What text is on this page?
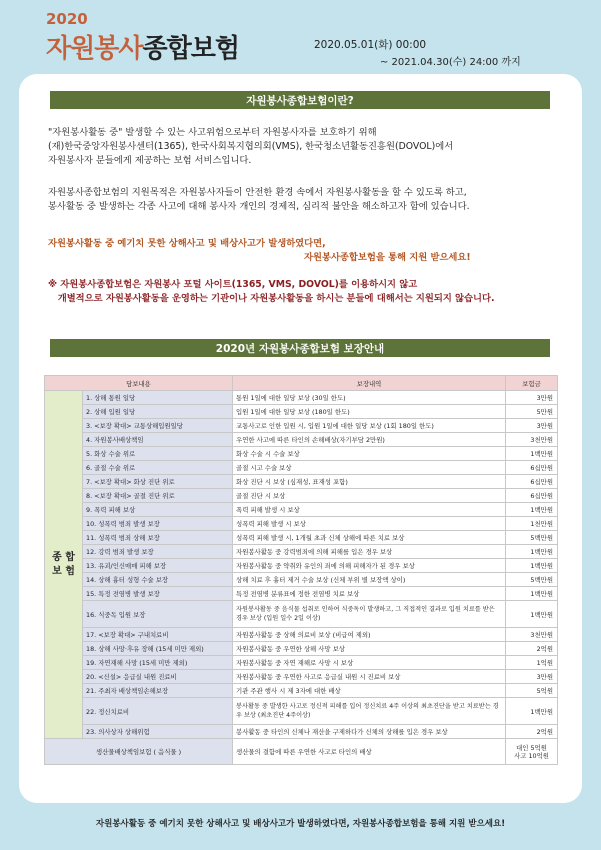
2020
자원봉사종합보험	2020.05.01(화) 00:00
~ 2021.04.30(수) 24:00 까지
자원봉사종합보험이란?
"자원봉사활동 중" 발생할 수 있는 사고위험으로부터 자원봉사자를 보호하기 위해
(재)한국중앙자원봉사센터(1365), 한국사회복지협의회(VMS), 한국청소년활동진흥원(DOVOL)에서
자원봉사자 분들에게 제공하는 보험 서비스입니다.
자원봉사종합보험의 지원목적은 자원봉사자들이 안전한 환경 속에서 자원봉사활동을 할 수 있도록 하고,
봉사활동 중 발생하는 각종 사고에 대해 봉사자 개인의 경제적, 심리적 불안을 해소하고자 함에 있습니다.
자원봉사활동 중 예기치 못한 상해사고 및 배상사고가 발생하였다면,
자원봉사종합보험을 통해 지원 받으세요!
※ 자원봉사종합보험은 자원봉사 포털 사이트(1365, VMS, DOVOL)를 이용하시지 않고
개별적으로 자원봉사활동을 운영하는 기관이나 자원봉사활동을 하시는 분들에 대해서는 지원되지 않습니다.
2020년 자원봉사종합보험 보장안내
담보내용		보장내역	보험금
종 합 보 험	1. 상해 통원 일당	통원 1일에 대한 일당 보상 (30일 한도)	3만원
	2. 상해 입원 일당	입원 1일에 대한 일당 보상 (180일 한도)	5만원
	3. <보장 확대> 교통상해입원일당	교통사고로 인한 입원 시, 입원 1일에 대한 일당 보상 (1회 180일 한도)	3만원
	4. 자원봉사배상책임	우연한 사고에 따른 타인의 손해배상(자기부담 2만원)	3천만원
	5. 화상 수술 위로	화상 수술 시 수술 보상	1백만원
	6. 골절 수술 위로	골절 시고 수술 보상	6십만원
	7. <보장 확대> 화상 진단 위로	화상 진단 시 보상 (심재성, 표재성 포함)	6십만원
	8. <보장 확대> 골절 진단 위로	골절 진단 시 보상	6십만원
	9. 폭력 피해 보상	폭력 피해 발생 시 보상	1백만원
	10. 성폭력 범죄 발생 보장	성폭력 피해 발생 시 보상	1천만원
	11. 성폭력 범죄 상해 보장	성폭력 피해 발생 시, 1개월 초과 신체 상해에 따른 치료 보상	5백만원
	12. 강력 범죄 발생 보장	자원봉사활동 중 강력범죄에 의해 피해를 입은 경우 보상	1백만원
	13. 유괴/인신매매 피해 보장	자원봉사활동 중 약취와 유인의 죄에 의해 피해자가 된 경우 보상	1백만원
	14. 상해 흉터 성형 수술 보장	상해 치료 후 흉터 제거 수술 보상 (신체 부위 별 보장액 상이)	5백만원
	15. 특정 전염병 발생 보장	특정 전염병 분류표에 정한 전염병 치료 보상	1백만원
	16. 식중독 입원 보장	자원봉사활동 중 음식물 섭취로 인하여 식중독이 발생하고, 그 직접적인 결과로 입원 치료를 받은 경우 보상 (입원 일수 2일 이상)	1백만원
	17. <보장 확대> 구내치료비	자원봉사활동 중 상해 의료비 보상 (비급여 제외)	3천만원
	18. 상해 사망·후유 장해 (15세 미만 제외)	자원봉사활동 중 우연한 상해 사망 보상	2억원
	19. 자연재해 사망 (15세 미만 제외)	자원봉사활동 중 자연 재해로 사망 시 보상	1억원
	20. <신설> 응급실 내원 진료비	자원봉사활동 중 우연한 사고로 응급실 내원 시 진료비 보상	3만원
	21. 주최자 배상책임손해보장	기관 주관 행사 시 제 3자에 대한 배상	5억원
	22. 정신치료비	봉사활동 중 발생한 사고로 정신적 피해를 입어 정신치료 4주 이상의 최초진단을 받고 치료받는 경우 보상 (최초진단 4주이상)	1백만원
	23. 의사상자 상해위험	봉사활동 중 타인의 신체나 재산을 구제하다가 신체의 상해를 입은 경우 보상	2억원
생산물배상책임보험 ( 음식물 )		생산물의 결함에 따른 우연한 사고로 타인의 배상	대인 5억원
사고 10억원
자원봉사활동 중 예기치 못한 상해사고 및 배상사고가 발생하였다면, 자원봉사종합보험을 통해 지원 받으세요!
